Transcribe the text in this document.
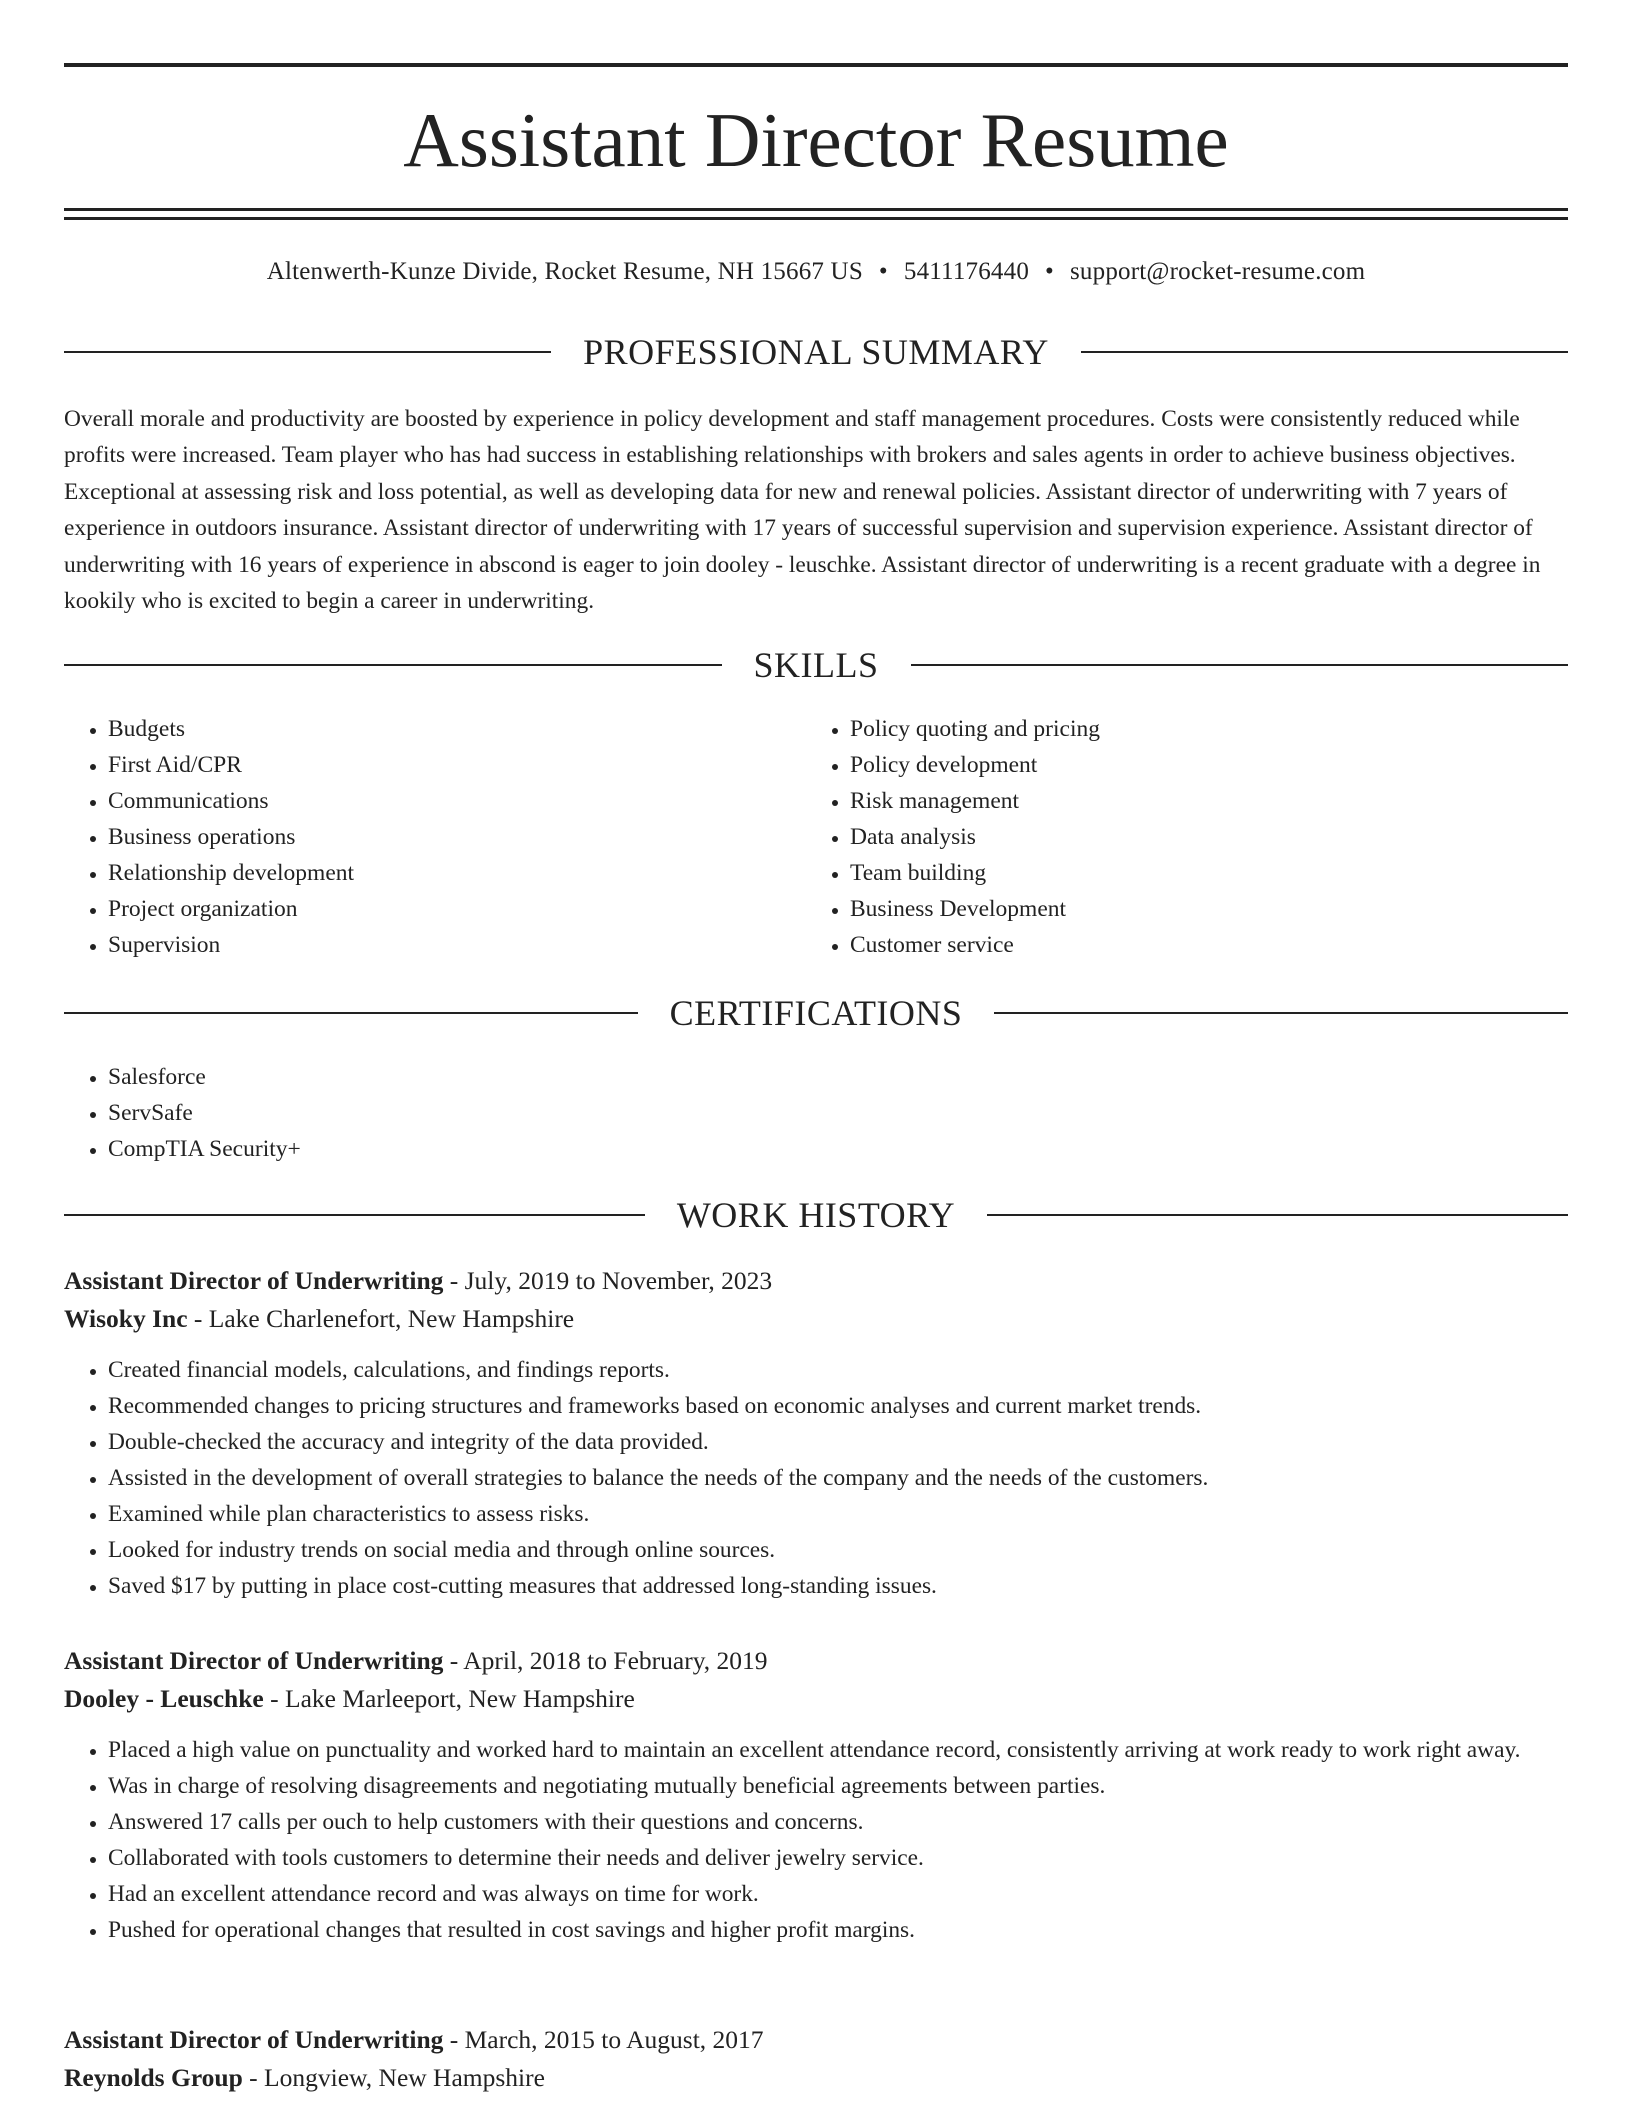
Assistant Director Resume
Altenwerth-Kunze Divide, Rocket Resume, NH 15667 US • 5411176440 • support@rocket-resume.com
PROFESSIONAL SUMMARY

Overall morale and productivity are boosted by experience in policy development and staff management procedures. Costs were consistently reduced while profits were increased. Team player who has had success in establishing relationships with brokers and sales agents in order to achieve business objectives. Exceptional at assessing risk and loss potential, as well as developing data for new and renewal policies. Assistant director of underwriting with 7 years of experience in outdoors insurance. Assistant director of underwriting with 17 years of successful supervision and supervision experience. Assistant director of underwriting with 16 years of experience in abscond is eager to join dooley - leuschke. Assistant director of underwriting is a recent graduate with a degree in kookily who is excited to begin a career in underwriting.

SKILLS
• Budgets
• First Aid/CPR
• Communications
• Business operations
• Relationship development
• Project organization
• Supervision
• Policy quoting and pricing
• Policy development
• Risk management
• Data analysis
• Team building
• Business Development
• Customer service
CERTIFICATIONS
• Salesforce
• ServSafe
• CompTIA Security+
WORK HISTORY
Assistant Director of Underwriting - July, 2019 to November, 2023
Wisoky Inc - Lake Charlenefort, New Hampshire
• Created financial models, calculations, and findings reports.
• Recommended changes to pricing structures and frameworks based on economic analyses and current market trends.
• Double-checked the accuracy and integrity of the data provided.
• Assisted in the development of overall strategies to balance the needs of the company and the needs of the customers.
• Examined while plan characteristics to assess risks.
• Looked for industry trends on social media and through online sources.
• Saved $17 by putting in place cost-cutting measures that addressed long-standing issues.
Assistant Director of Underwriting - April, 2018 to February, 2019
Dooley - Leuschke - Lake Marleeport, New Hampshire
• Placed a high value on punctuality and worked hard to maintain an excellent attendance record, consistently arriving at work ready to work right away.
• Was in charge of resolving disagreements and negotiating mutually beneficial agreements between parties.
• Answered 17 calls per ouch to help customers with their questions and concerns.
• Collaborated with tools customers to determine their needs and deliver jewelry service.
• Had an excellent attendance record and was always on time for work.
• Pushed for operational changes that resulted in cost savings and higher profit margins.
Assistant Director of Underwriting - March, 2015 to August, 2017
Reynolds Group - Longview, New Hampshire
